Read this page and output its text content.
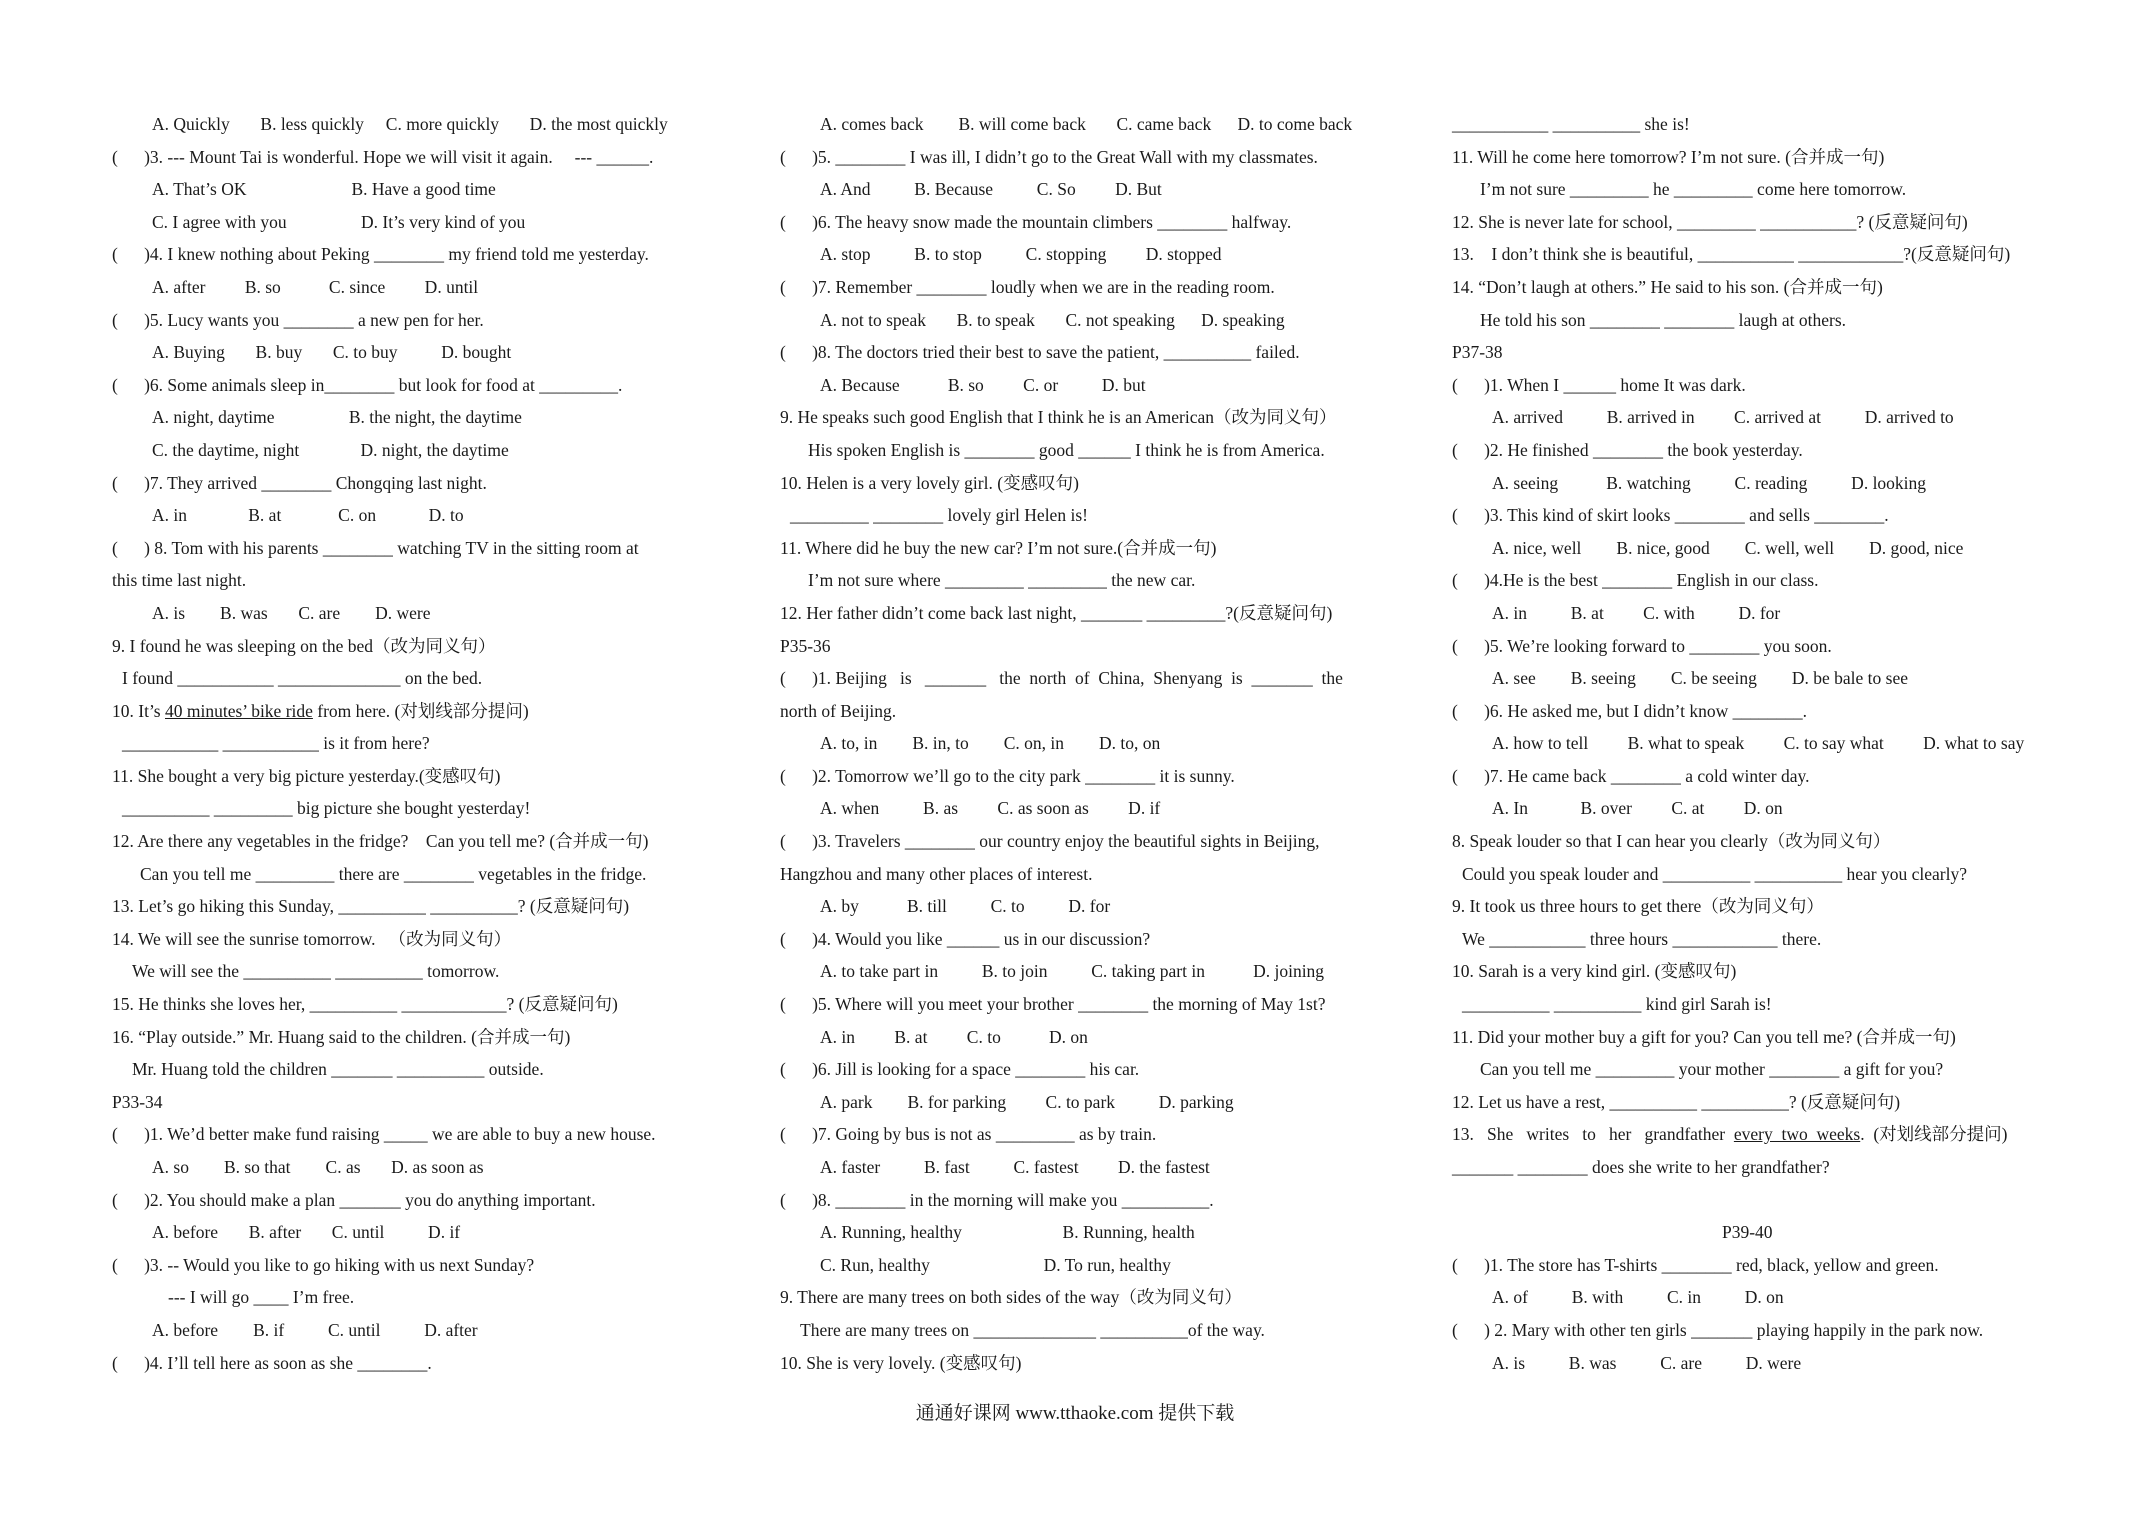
A. Quickly       B. less quickly     C. more quickly       D. the most quickly
(      )3. --- Mount Tai is wonderful. Hope we will visit it again.     --- ______.
A. That’s OK                        B. Have a good time
C. I agree with you                 D. It’s very kind of you
(      )4. I knew nothing about Peking ________ my friend told me yesterday.
A. after         B. so           C. since         D. until
(      )5. Lucy wants you ________ a new pen for her.
A. Buying       B. buy       C. to buy          D. bought
(      )6. Some animals sleep in________ but look for food at _________.
A. night, daytime                 B. the night, the daytime
C. the daytime, night              D. night, the daytime
(      )7. They arrived ________ Chongqing last night.
A. in              B. at             C. on            D. to
(      ) 8. Tom with his parents ________ watching TV in the sitting room at
this time last night.
A. is        B. was       C. are        D. were
9. I found he was sleeping on the bed（改为同义句）
I found ___________ ______________ on the bed.
10. It’s 40 minutes’ bike ride from here. (对划线部分提问)
___________ ___________ is it from here?
11. She bought a very big picture yesterday.(变感叹句)
__________ _________ big picture she bought yesterday!
12. Are there any vegetables in the fridge?    Can you tell me? (合并成一句)
Can you tell me _________ there are ________ vegetables in the fridge.
13. Let’s go hiking this Sunday, __________ __________? (反意疑问句)
14. We will see the sunrise tomorrow.   （改为同义句）
We will see the __________ __________ tomorrow.
15. He thinks she loves her, __________ ____________? (反意疑问句)
16. “Play outside.” Mr. Huang said to the children. (合并成一句)
Mr. Huang told the children _______ __________ outside.
P33-34
(      )1. We’d better make fund raising _____ we are able to buy a new house.
A. so        B. so that        C. as       D. as soon as
(      )2. You should make a plan _______ you do anything important.
A. before       B. after       C. until          D. if
(      )3. -- Would you like to go hiking with us next Sunday?
--- I will go ____ I’m free.
A. before        B. if          C. until          D. after
(      )4. I’ll tell here as soon as she ________.
A. comes back        B. will come back       C. came back      D. to come back
(      )5. ________ I was ill, I didn’t go to the Great Wall with my classmates.
A. And          B. Because          C. So         D. But
(      )6. The heavy snow made the mountain climbers ________ halfway.
A. stop          B. to stop          C. stopping         D. stopped
(      )7. Remember ________ loudly when we are in the reading room.
A. not to speak       B. to speak       C. not speaking      D. speaking
(      )8. The doctors tried their best to save the patient, __________ failed.
A. Because           B. so         C. or          D. but
9. He speaks such good English that I think he is an American（改为同义句）
His spoken English is ________ good ______ I think he is from America.
10. Helen is a very lovely girl. (变感叹句)
_________ ________ lovely girl Helen is!
11. Where did he buy the new car? I’m not sure.(合并成一句)
I’m not sure where _________ _________ the new car.
12. Her father didn’t come back last night, _______ _________?(反意疑问句)
P35-36
(      )1. Beijing   is   _______   the  north  of  China,  Shenyang  is  _______  the
north of Beijing.
A. to, in        B. in, to        C. on, in        D. to, on
(      )2. Tomorrow we’ll go to the city park ________ it is sunny.
A. when          B. as         C. as soon as         D. if
(      )3. Travelers ________ our country enjoy the beautiful sights in Beijing,
Hangzhou and many other places of interest.
A. by           B. till          C. to          D. for
(      )4. Would you like ______ us in our discussion?
A. to take part in          B. to join          C. taking part in           D. joining
(      )5. Where will you meet your brother ________ the morning of May 1st?
A. in         B. at         C. to           D. on
(      )6. Jill is looking for a space ________ his car.
A. park        B. for parking         C. to park          D. parking
(      )7. Going by bus is not as _________ as by train.
A. faster          B. fast          C. fastest         D. the fastest
(      )8. ________ in the morning will make you __________.
A. Running, healthy                       B. Running, health
C. Run, healthy                          D. To run, healthy
9. There are many trees on both sides of the way（改为同义句）
There are many trees on ______________ __________of the way.
10. She is very lovely. (变感叹句)
___________ __________ she is!
11. Will he come here tomorrow? I’m not sure. (合并成一句)
I’m not sure _________ he _________ come here tomorrow.
12. She is never late for school, _________ ___________? (反意疑问句)
13.    I don’t think she is beautiful, ___________ ____________?(反意疑问句)
14. “Don’t laugh at others.” He said to his son. (合并成一句)
He told his son ________ ________ laugh at others.
P37-38
(      )1. When I ______ home It was dark.
A. arrived          B. arrived in         C. arrived at          D. arrived to
(      )2. He finished ________ the book yesterday.
A. seeing           B. watching          C. reading          D. looking
(      )3. This kind of skirt looks ________ and sells ________.
A. nice, well        B. nice, good        C. well, well        D. good, nice
(      )4.He is the best ________ English in our class.
A. in          B. at         C. with          D. for
(      )5. We’re looking forward to ________ you soon.
A. see        B. seeing        C. be seeing        D. be bale to see
(      )6. He asked me, but I didn’t know ________.
A. how to tell         B. what to speak         C. to say what         D. what to say
(      )7. He came back ________ a cold winter day.
A. In            B. over         C. at         D. on
8. Speak louder so that I can hear you clearly（改为同义句）
Could you speak louder and __________ __________ hear you clearly?
9. It took us three hours to get there（改为同义句）
We ___________ three hours ____________ there.
10. Sarah is a very kind girl. (变感叹句)
__________ __________ kind girl Sarah is!
11. Did your mother buy a gift for you? Can you tell me? (合并成一句)
Can you tell me _________ your mother ________ a gift for you?
12. Let us have a rest, __________ __________? (反意疑问句)
13.   She   writes   to   her   grandfather  every  two  weeks.  (对划线部分提问)
_______ ________ does she write to her grandfather?
P39-40
(      )1. The store has T-shirts ________ red, black, yellow and green.
A. of          B. with          C. in          D. on
(      ) 2. Mary with other ten girls _______ playing happily in the park now.
A. is          B. was          C. are          D. were
通通好课网 www.tthaoke.com 提供下载
